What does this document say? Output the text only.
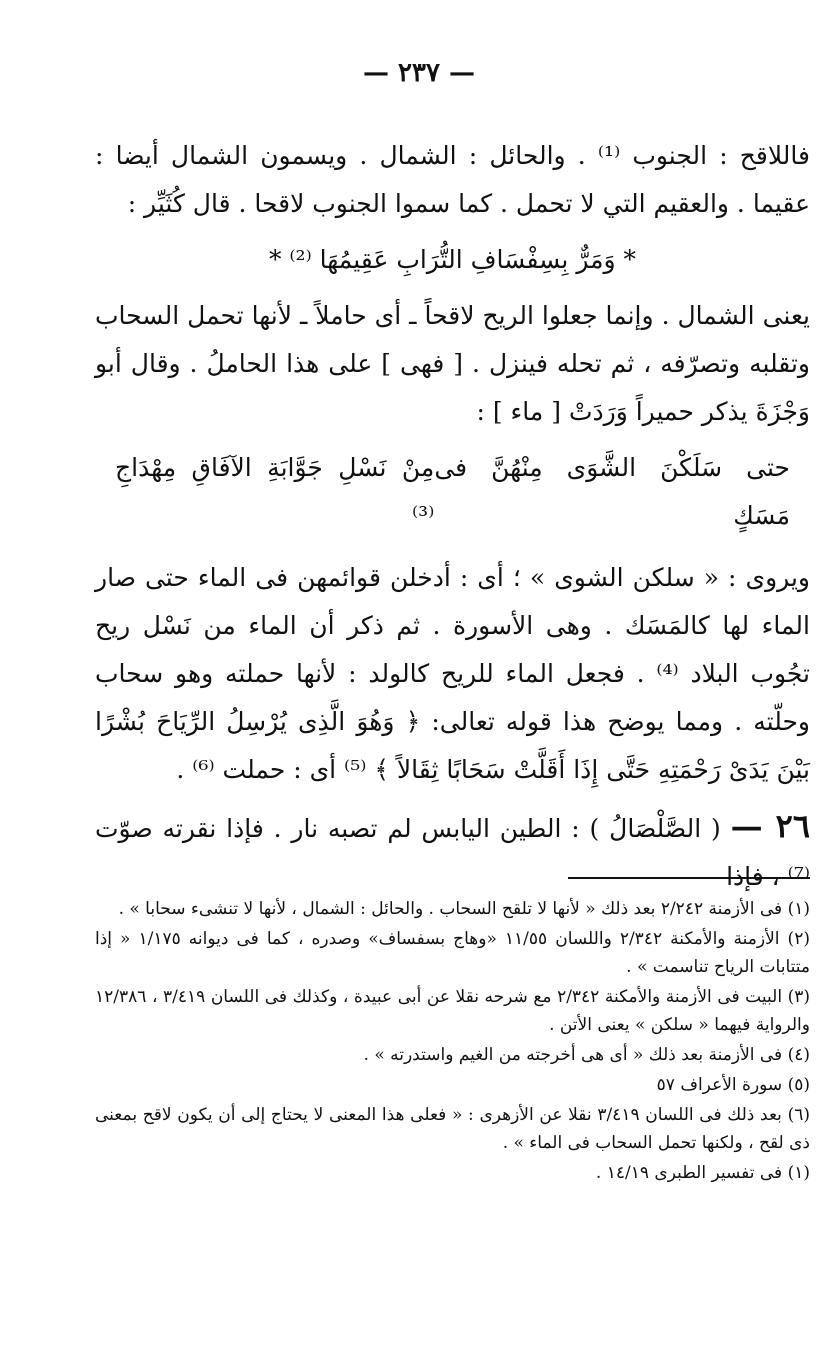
— ٢٣٧ —

فاللاقح : الجنوب ⁽¹⁾ . والحائل : الشمال . ويسمون الشمال أيضا : عقيما . والعقيم التي لا تحمل . كما سموا الجنوب لاقحا . قال كُثَيِّر :

* وَمَرٌّ بِسِفْسَافِ التُّرَابِ عَقِيمُهَا ⁽²⁾ *

يعنى الشمال . وإنما جعلوا الريح لاقحاً ـ أى حاملاً ـ لأنها تحمل السحاب وتقلبه وتصرّفه ، ثم تحله فينزل . [ فهى ] على هذا الحاملُ . وقال أبو وَجْزَةَ يذكر حميراً وَرَدَتْ [ ماء ] :

حتى سَلَكْنَ الشَّوَى مِنْهُنَّ فى مَسَكٍ
مِنْ نَسْلِ جَوَّابَةِ الآفَاقِ مِهْدَاجِ ⁽³⁾

ويروى : « سلكن الشوى » ؛ أى : أدخلن قوائمهن فى الماء حتى صار الماء لها كالمَسَك . وهى الأسورة . ثم ذكر أن الماء من نَسْل ريح تجُوب البلاد ⁽⁴⁾ . فجعل الماء للريح كالولد : لأنها حملته وهو سحاب وحلّته . ومما يوضح هذا قوله تعالى: ﴿ وَهُوَ الَّذِى يُرْسِلُ الرِّيَاحَ بُشْرًا بَيْنَ يَدَىْ رَحْمَتِهِ حَتَّى إِذَا أَقَلَّتْ سَحَابًا ثِقَالاً ﴾ ⁽⁵⁾ أى : حملت ⁽⁶⁾ .

٢٦ — ( الصَّلْصَالُ ) : الطين اليابس لم تصبه نار . فإذا نقرته صوّت ⁽⁷⁾ ، فإذا

(١) فى الأزمنة ٢/٢٤٢ بعد ذلك « لأنها لا تلقح السحاب . والحائل : الشمال ، لأنها لا تنشىء سحابا » .

(٢) الأزمنة والأمكنة ٢/٣٤٢ واللسان ١١/٥٥ «وهاج بسفساف» وصدره ، كما فى ديوانه ١/١٧٥ « إذا متتابات الرياح تناسمت » .

(٣) البيت فى الأزمنة والأمكنة ٢/٣٤٢ مع شرحه نقلا عن أبى عبيدة ، وكذلك فى اللسان ٣/٤١٩ ، ١٢/٣٨٦ والرواية فيهما « سلكن » يعنى الأتن .

(٤) فى الأزمنة بعد ذلك « أى هى أخرجته من الغيم واستدرته » .

(٥) سورة الأعراف ٥٧

(٦) بعد ذلك فى اللسان ٣/٤١٩ نقلا عن الأزهرى : « فعلى هذا المعنى لا يحتاج إلى أن يكون لاقح بمعنى ذى لقح ، ولكنها تحمل السحاب فى الماء » .

(١) فى تفسير الطبرى ١٤/١٩ .
